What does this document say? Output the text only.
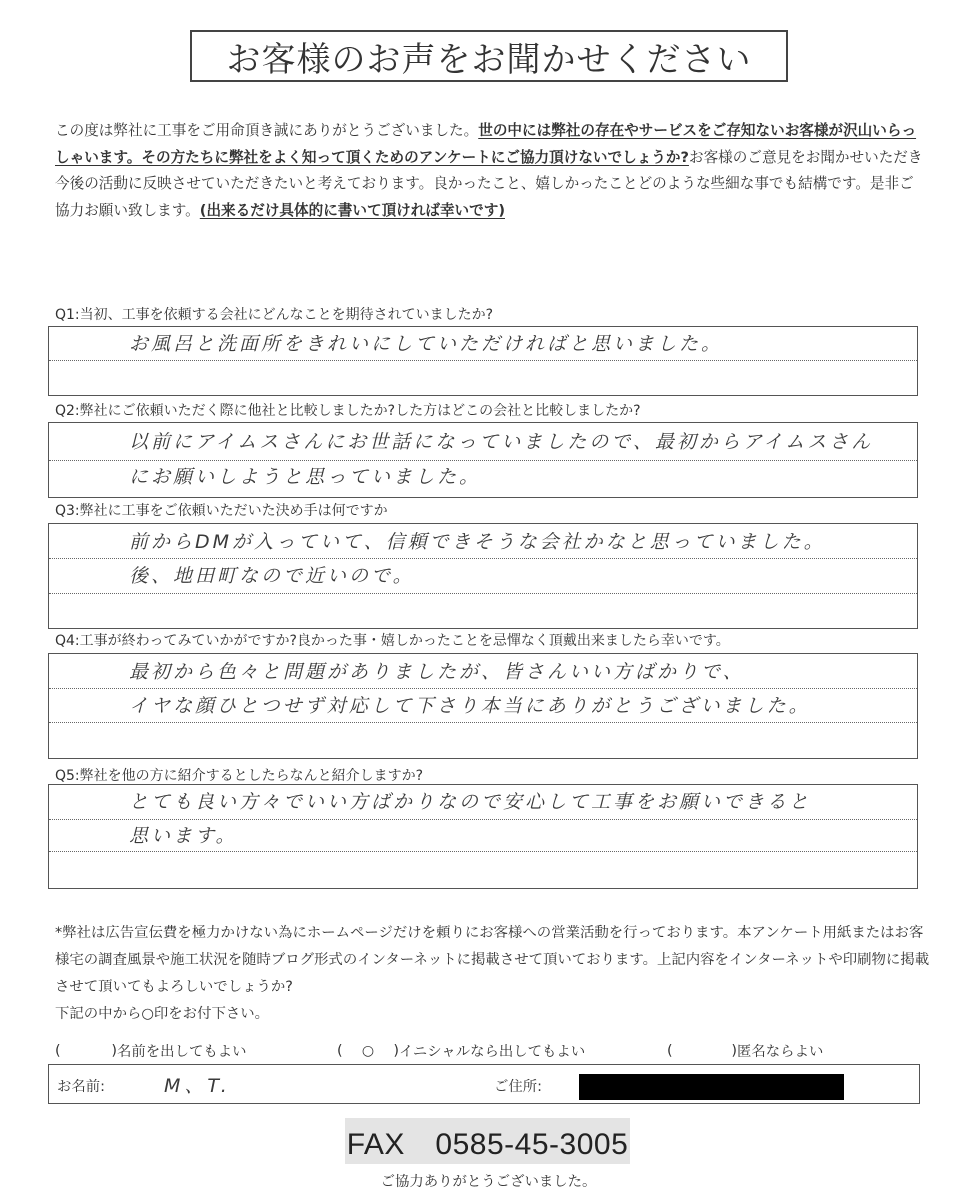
お客様のお声をお聞かせください
この度は弊社に工事をご用命頂き誠にありがとうございました。世の中には弊社の存在やサービスをご存知ないお客様が沢山いらっしゃいます。その方たちに弊社をよく知って頂くためのアンケートにご協力頂けないでしょうか?お客様のご意見をお聞かせいただき今後の活動に反映させていただきたいと考えております。良かったこと、嬉しかったことどのような些細な事でも結構です。是非ご協力お願い致します。(出来るだけ具体的に書いて頂ければ幸いです)
Q1:当初、工事を依頼する会社にどんなことを期待されていましたか?
お風呂と洗面所をきれいにしていただければと思いました。
Q2:弊社にご依頼いただく際に他社と比較しましたか?した方はどこの会社と比較しましたか?
以前にアイムスさんにお世話になっていましたので、最初からアイムスさん
にお願いしようと思っていました。
Q3:弊社に工事をご依頼いただいた決め手は何ですか
前からDMが入っていて、信頼できそうな会社かなと思っていました。
後、地田町なので近いので。
Q4:工事が終わってみていかがですか?良かった事・嬉しかったことを忌憚なく頂戴出来ましたら幸いです。
最初から色々と問題がありましたが、皆さんいい方ばかりで、
イヤな顔ひとつせず対応して下さり本当にありがとうございました。
Q5:弊社を他の方に紹介するとしたらなんと紹介しますか?
とても良い方々でいい方ばかりなので安心して工事をお願いできると
思います。
*弊社は広告宣伝費を極力かけない為にホームページだけを頼りにお客様への営業活動を行っております。本アンケート用紙またはお客様宅の調査風景や施工状況を随時ブログ形式のインターネットに掲載させて頂いております。上記内容をインターネットや印刷物に掲載させて頂いてもよろしいでしょうか?
下記の中から○印をお付下さい。
(	) 名前を出してもよい	( ○ ) イニシャルなら出してもよい	(	) 匿名ならよい
お名前:	M、T.	ご住所:
FAX　0585-45-3005
ご協力ありがとうございました。
